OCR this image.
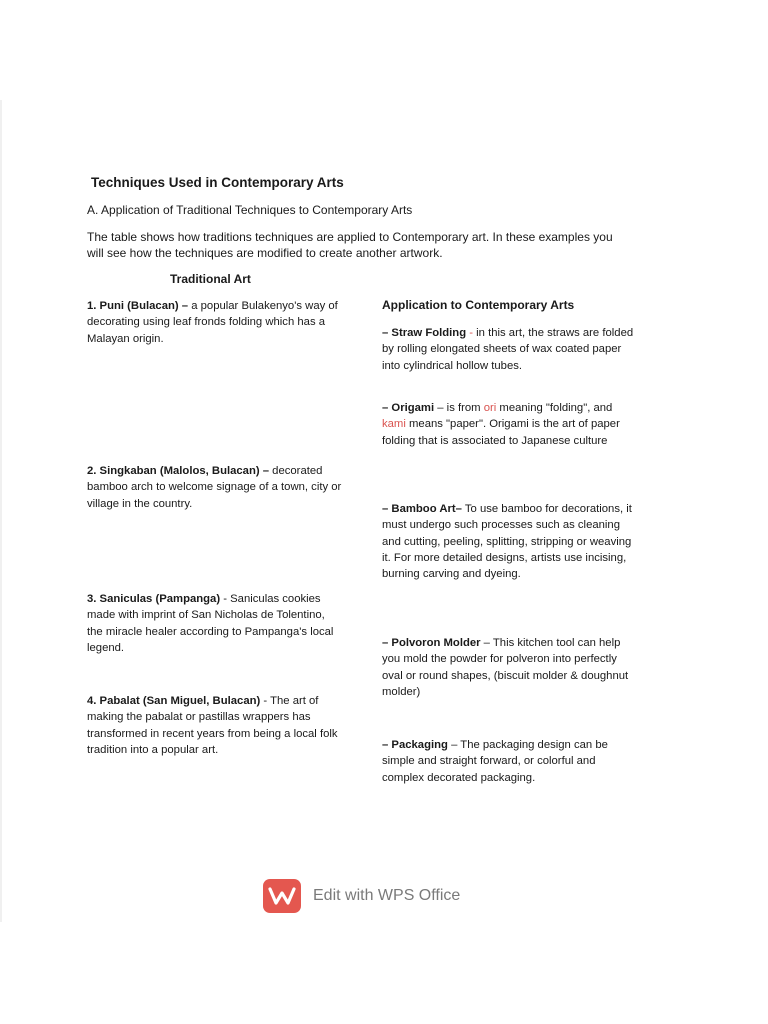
Techniques Used in Contemporary Arts
A. Application of Traditional Techniques to Contemporary Arts
The table shows how traditions techniques are applied to Contemporary art. In these examples you will see how the techniques are modified to create another artwork.
Traditional Art
Application to Contemporary Arts
1. Puni (Bulacan) – a popular Bulakenyo's way of decorating using leaf fronds folding which has a Malayan origin.
2. Singkaban (Malolos, Bulacan) – decorated bamboo arch to welcome signage of a town, city or village in the country.
3. Saniculas (Pampanga) - Saniculas cookies made with imprint of San Nicholas de Tolentino, the miracle healer according to Pampanga's local legend.
4. Pabalat (San Miguel, Bulacan) - The art of making the pabalat or pastillas wrappers has transformed in recent years from being a local folk tradition into a popular art.
– Straw Folding - in this art, the straws are folded by rolling elongated sheets of wax coated paper into cylindrical hollow tubes.
– Origami – is from ori meaning "folding", and kami means "paper". Origami is the art of paper folding that is associated to Japanese culture
– Bamboo Art– To use bamboo for decorations, it must undergo such processes such as cleaning and cutting, peeling, splitting, stripping or weaving it. For more detailed designs, artists use incising, burning carving and dyeing.
– Polvoron Molder – This kitchen tool can help you mold the powder for polveron into perfectly oval or round shapes, (biscuit molder & doughnut molder)
– Packaging – The packaging design can be simple and straight forward, or colorful and complex decorated packaging.
Edit with WPS Office
